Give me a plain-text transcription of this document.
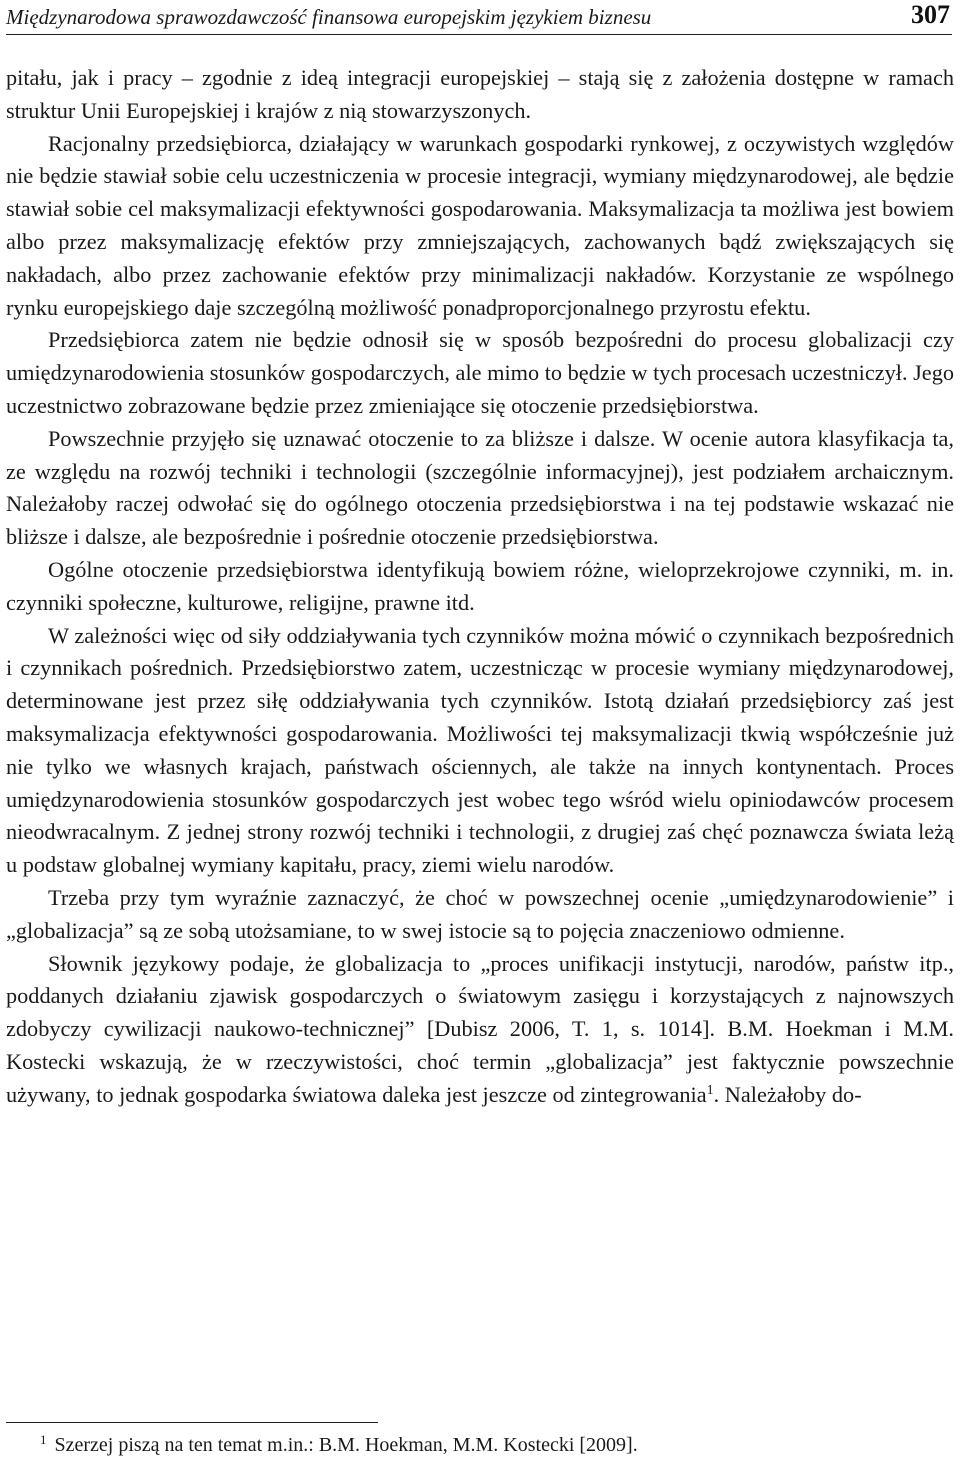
Międzynarodowa sprawozdawczość finansowa europejskim językiem biznesu	307

pitału, jak i pracy – zgodnie z ideą integracji europejskiej – stają się z założenia dostępne w ramach struktur Unii Europejskiej i krajów z nią stowarzyszonych.

Racjonalny przedsiębiorca, działający w warunkach gospodarki rynkowej, z oczywistych względów nie będzie stawiał sobie celu uczestniczenia w procesie integracji, wymiany międzynarodowej, ale będzie stawiał sobie cel maksymalizacji efektywności gospodarowania. Maksymalizacja ta możliwa jest bowiem albo przez maksymalizację efektów przy zmniejszających, zachowanych bądź zwiększających się nakładach, albo przez zachowanie efektów przy minimalizacji nakładów. Korzystanie ze wspólnego rynku europejskiego daje szczególną możliwość ponadproporcjonalnego przyrostu efektu.

Przedsiębiorca zatem nie będzie odnosił się w sposób bezpośredni do procesu globalizacji czy umiędzynarodowienia stosunków gospodarczych, ale mimo to będzie w tych procesach uczestniczył. Jego uczestnictwo zobrazowane będzie przez zmieniające się otoczenie przedsiębiorstwa.

Powszechnie przyjęło się uznawać otoczenie to za bliższe i dalsze. W ocenie autora klasyfikacja ta, ze względu na rozwój techniki i technologii (szczególnie informacyjnej), jest podziałem archaicznym. Należałoby raczej odwołać się do ogólnego otoczenia przedsiębiorstwa i na tej podstawie wskazać nie bliższe i dalsze, ale bezpośrednie i pośrednie otoczenie przedsiębiorstwa.

Ogólne otoczenie przedsiębiorstwa identyfikują bowiem różne, wieloprzekrojowe czynniki, m. in. czynniki społeczne, kulturowe, religijne, prawne itd.

W zależności więc od siły oddziaływania tych czynników można mówić o czynnikach bezpośrednich i czynnikach pośrednich. Przedsiębiorstwo zatem, uczestnicząc w procesie wymiany międzynarodowej, determinowane jest przez siłę oddziaływania tych czynników. Istotą działań przedsiębiorcy zaś jest maksymalizacja efektywności gospodarowania. Możliwości tej maksymalizacji tkwią współcześnie już nie tylko we własnych krajach, państwach ościennych, ale także na innych kontynentach. Proces umiędzynarodowienia stosunków gospodarczych jest wobec tego wśród wielu opiniodawców procesem nieodwracalnym. Z jednej strony rozwój techniki i technologii, z drugiej zaś chęć poznawcza świata leżą u podstaw globalnej wymiany kapitału, pracy, ziemi wielu narodów.

Trzeba przy tym wyraźnie zaznaczyć, że choć w powszechnej ocenie „umiędzynarodowienie” i „globalizacja” są ze sobą utożsamiane, to w swej istocie są to pojęcia znaczeniowo odmienne.

Słownik językowy podaje, że globalizacja to „proces unifikacji instytucji, narodów, państw itp., poddanych działaniu zjawisk gospodarczych o światowym zasięgu i korzystających z najnowszych zdobyczy cywilizacji naukowo-technicznej” [Dubisz 2006, T. 1, s. 1014]. B.M. Hoekman i M.M. Kostecki wskazują, że w rzeczywistości, choć termin „globalizacja” jest faktycznie powszechnie używany, to jednak gospodarka światowa daleka jest jeszcze od zintegrowania$^1$. Należałoby do-

$^1$ Szerzej piszą na ten temat m.in.: B.M. Hoekman, M.M. Kostecki [2009].
